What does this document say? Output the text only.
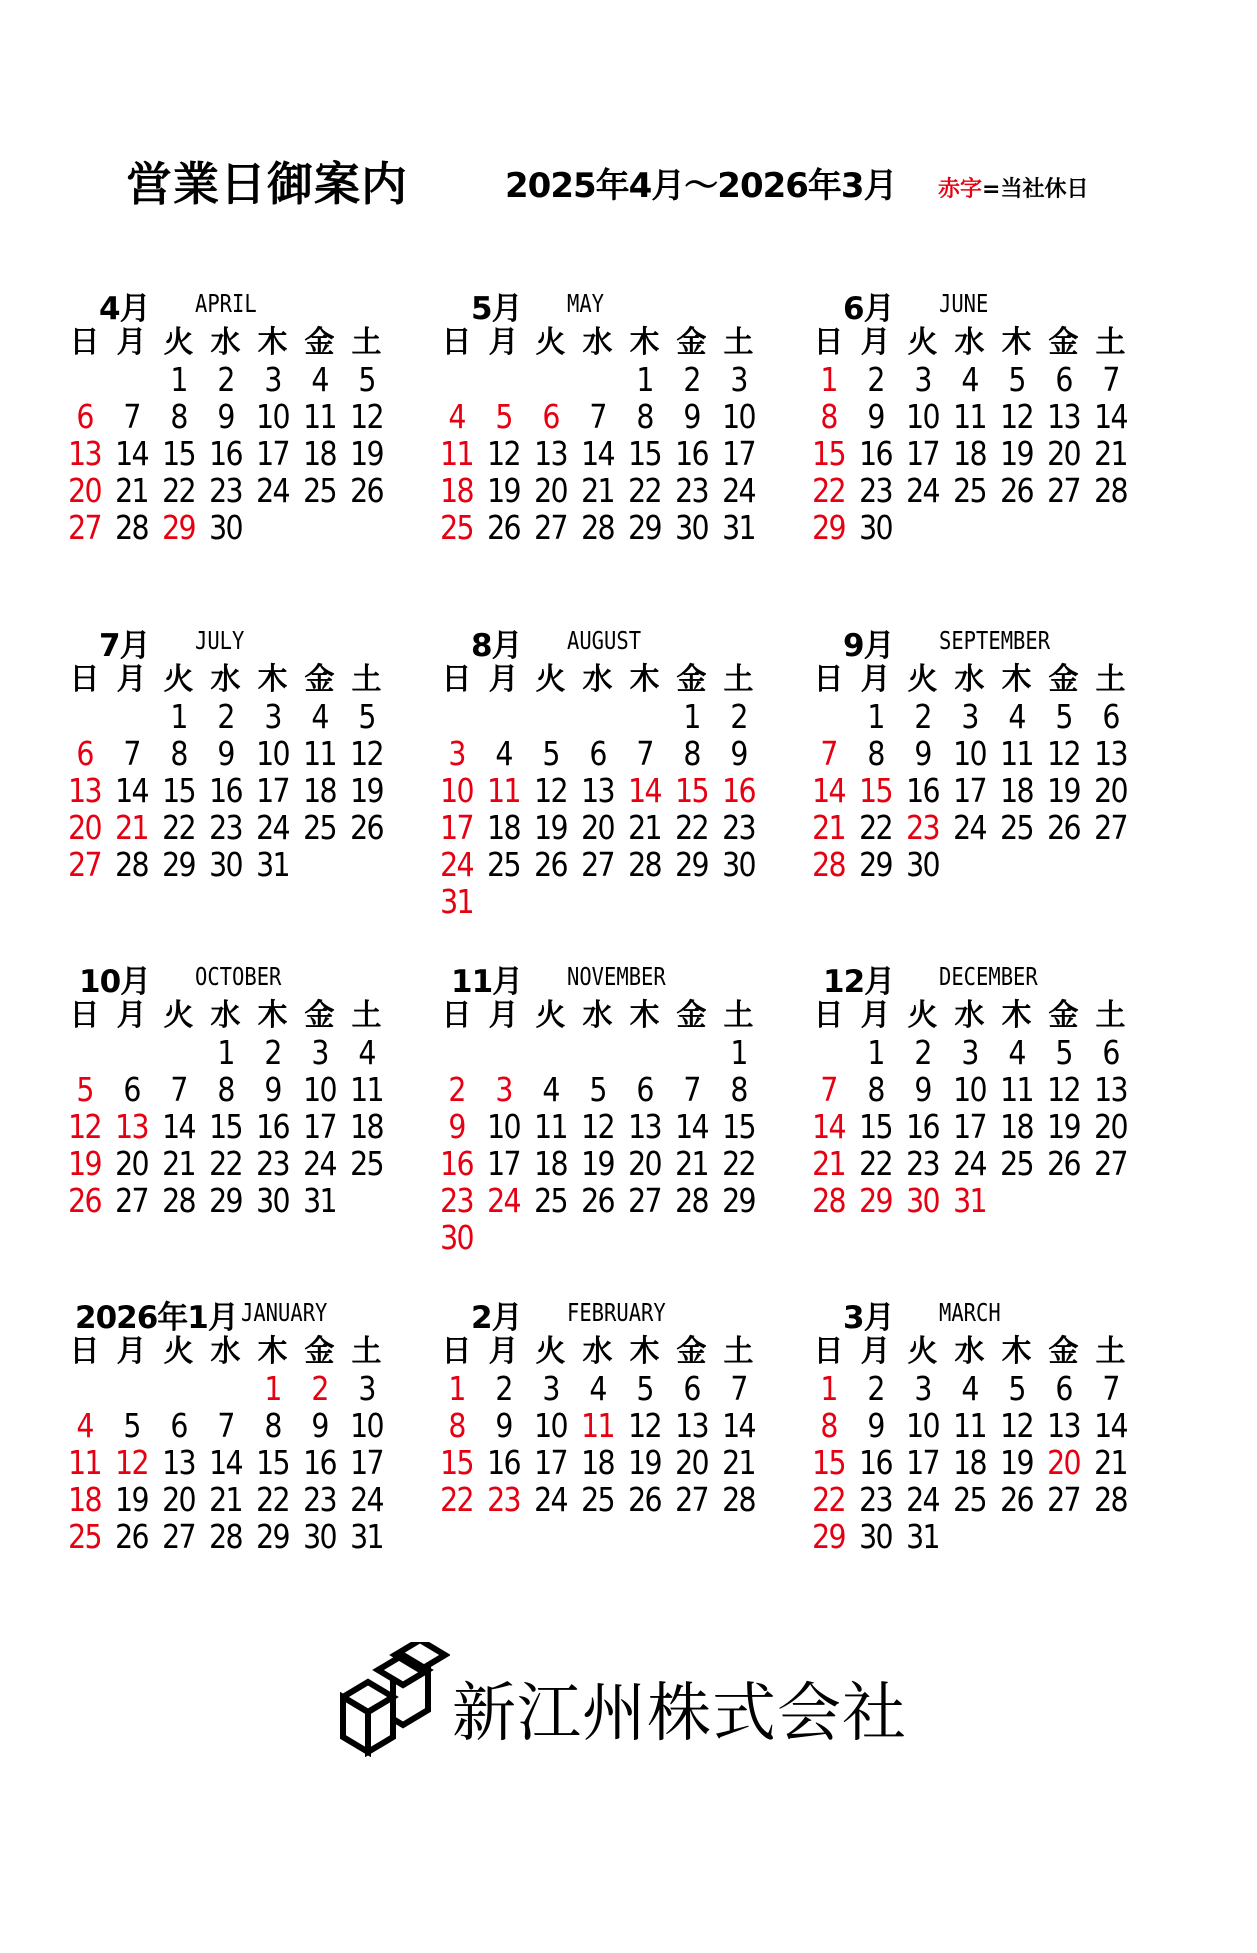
営業日御案内	2025年4月～2026年3月 赤字=当社休日
4月 APRIL
日 月 火 水 木 金 土
1 2 3 4 5
6 7 8 9 10 11 12
13 14 15 16 17 18 19
20 21 22 23 24 25 26
27 28 29 30
5月 MAY
日 月 火 水 木 金 土
1 2 3
4 5 6 7 8 9 10
11 12 13 14 15 16 17
18 19 20 21 22 23 24
25 26 27 28 29 30 31
6月 JUNE
日 月 火 水 木 金 土
1 2 3 4 5 6 7
8 9 10 11 12 13 14
15 16 17 18 19 20 21
22 23 24 25 26 27 28
29 30
7月 JULY
日 月 火 水 木 金 土
1 2 3 4 5
6 7 8 9 10 11 12
13 14 15 16 17 18 19
20 21 22 23 24 25 26
27 28 29 30 31
8月 AUGUST
日 月 火 水 木 金 土
1 2
3 4 5 6 7 8 9
10 11 12 13 14 15 16
17 18 19 20 21 22 23
24 25 26 27 28 29 30
31
9月 SEPTEMBER
日 月 火 水 木 金 土
1 2 3 4 5 6
7 8 9 10 11 12 13
14 15 16 17 18 19 20
21 22 23 24 25 26 27
28 29 30
10月 OCTOBER
日 月 火 水 木 金 土
1 2 3 4
5 6 7 8 9 10 11
12 13 14 15 16 17 18
19 20 21 22 23 24 25
26 27 28 29 30 31
11月 NOVEMBER
日 月 火 水 木 金 土
1
2 3 4 5 6 7 8
9 10 11 12 13 14 15
16 17 18 19 20 21 22
23 24 25 26 27 28 29
30
12月 DECEMBER
日 月 火 水 木 金 土
1 2 3 4 5 6
7 8 9 10 11 12 13
14 15 16 17 18 19 20
21 22 23 24 25 26 27
28 29 30 31
2026年1月 JANUARY
日 月 火 水 木 金 土
1 2 3
4 5 6 7 8 9 10
11 12 13 14 15 16 17
18 19 20 21 22 23 24
25 26 27 28 29 30 31
2月 FEBRUARY
日 月 火 水 木 金 土
1 2 3 4 5 6 7
8 9 10 11 12 13 14
15 16 17 18 19 20 21
22 23 24 25 26 27 28
3月 MARCH
日 月 火 水 木 金 土
1 2 3 4 5 6 7
8 9 10 11 12 13 14
15 16 17 18 19 20 21
22 23 24 25 26 27 28
29 30 31
新江州株式会社
